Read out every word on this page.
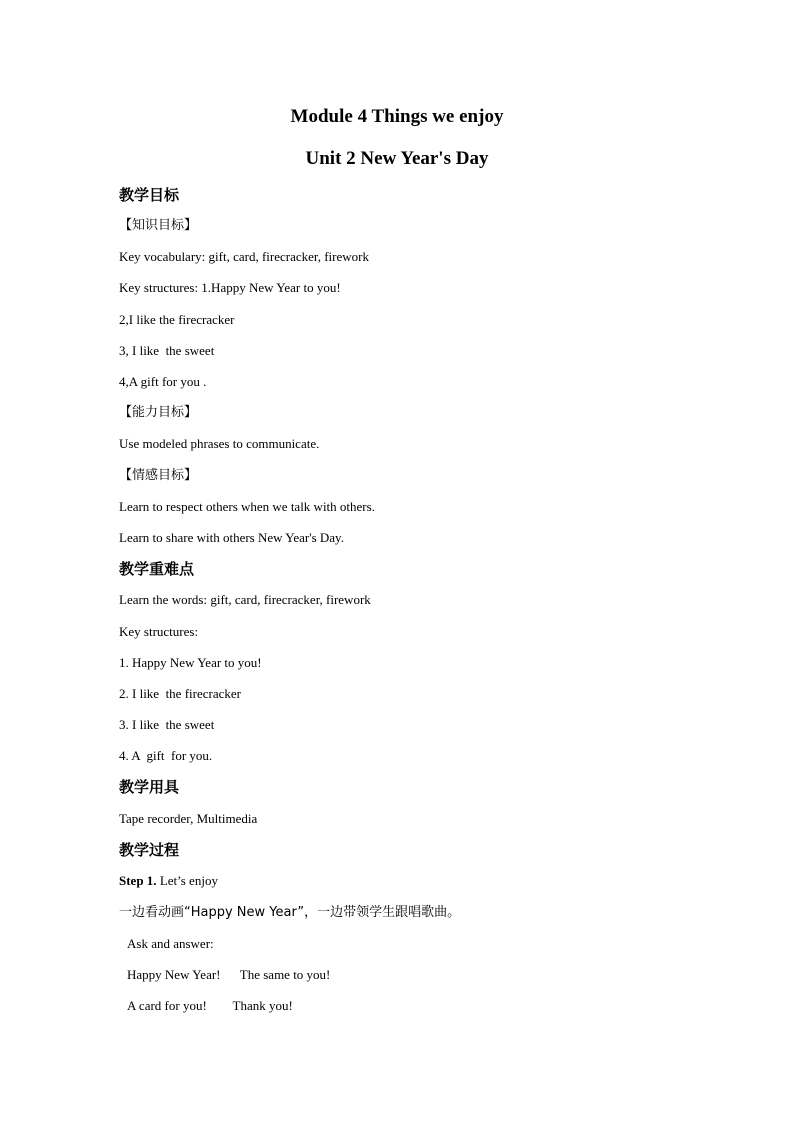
Module 4 Things we enjoy
Unit 2 New Year's Day
教学目标
【知识目标】
Key vocabulary: gift, card, firecracker, firework
Key structures: 1.Happy New Year to you!
2,I like the firecracker
3, I like  the sweet
4,A gift for you .
【能力目标】
Use modeled phrases to communicate.
【情感目标】
Learn to respect others when we talk with others.
Learn to share with others New Year's Day.
教学重难点
Learn the words: gift, card, firecracker, firework
Key structures:
1. Happy New Year to you!
2. I like  the firecracker
3. I like  the sweet
4. A  gift  for you.
教学用具
Tape recorder, Multimedia
教学过程
Step 1. Let’s enjoy
一边看动画“Happy New Year”，一边带领学生跟唱歌曲。
Ask and answer:
Happy New Year!      The same to you!
A card for you!        Thank you!
